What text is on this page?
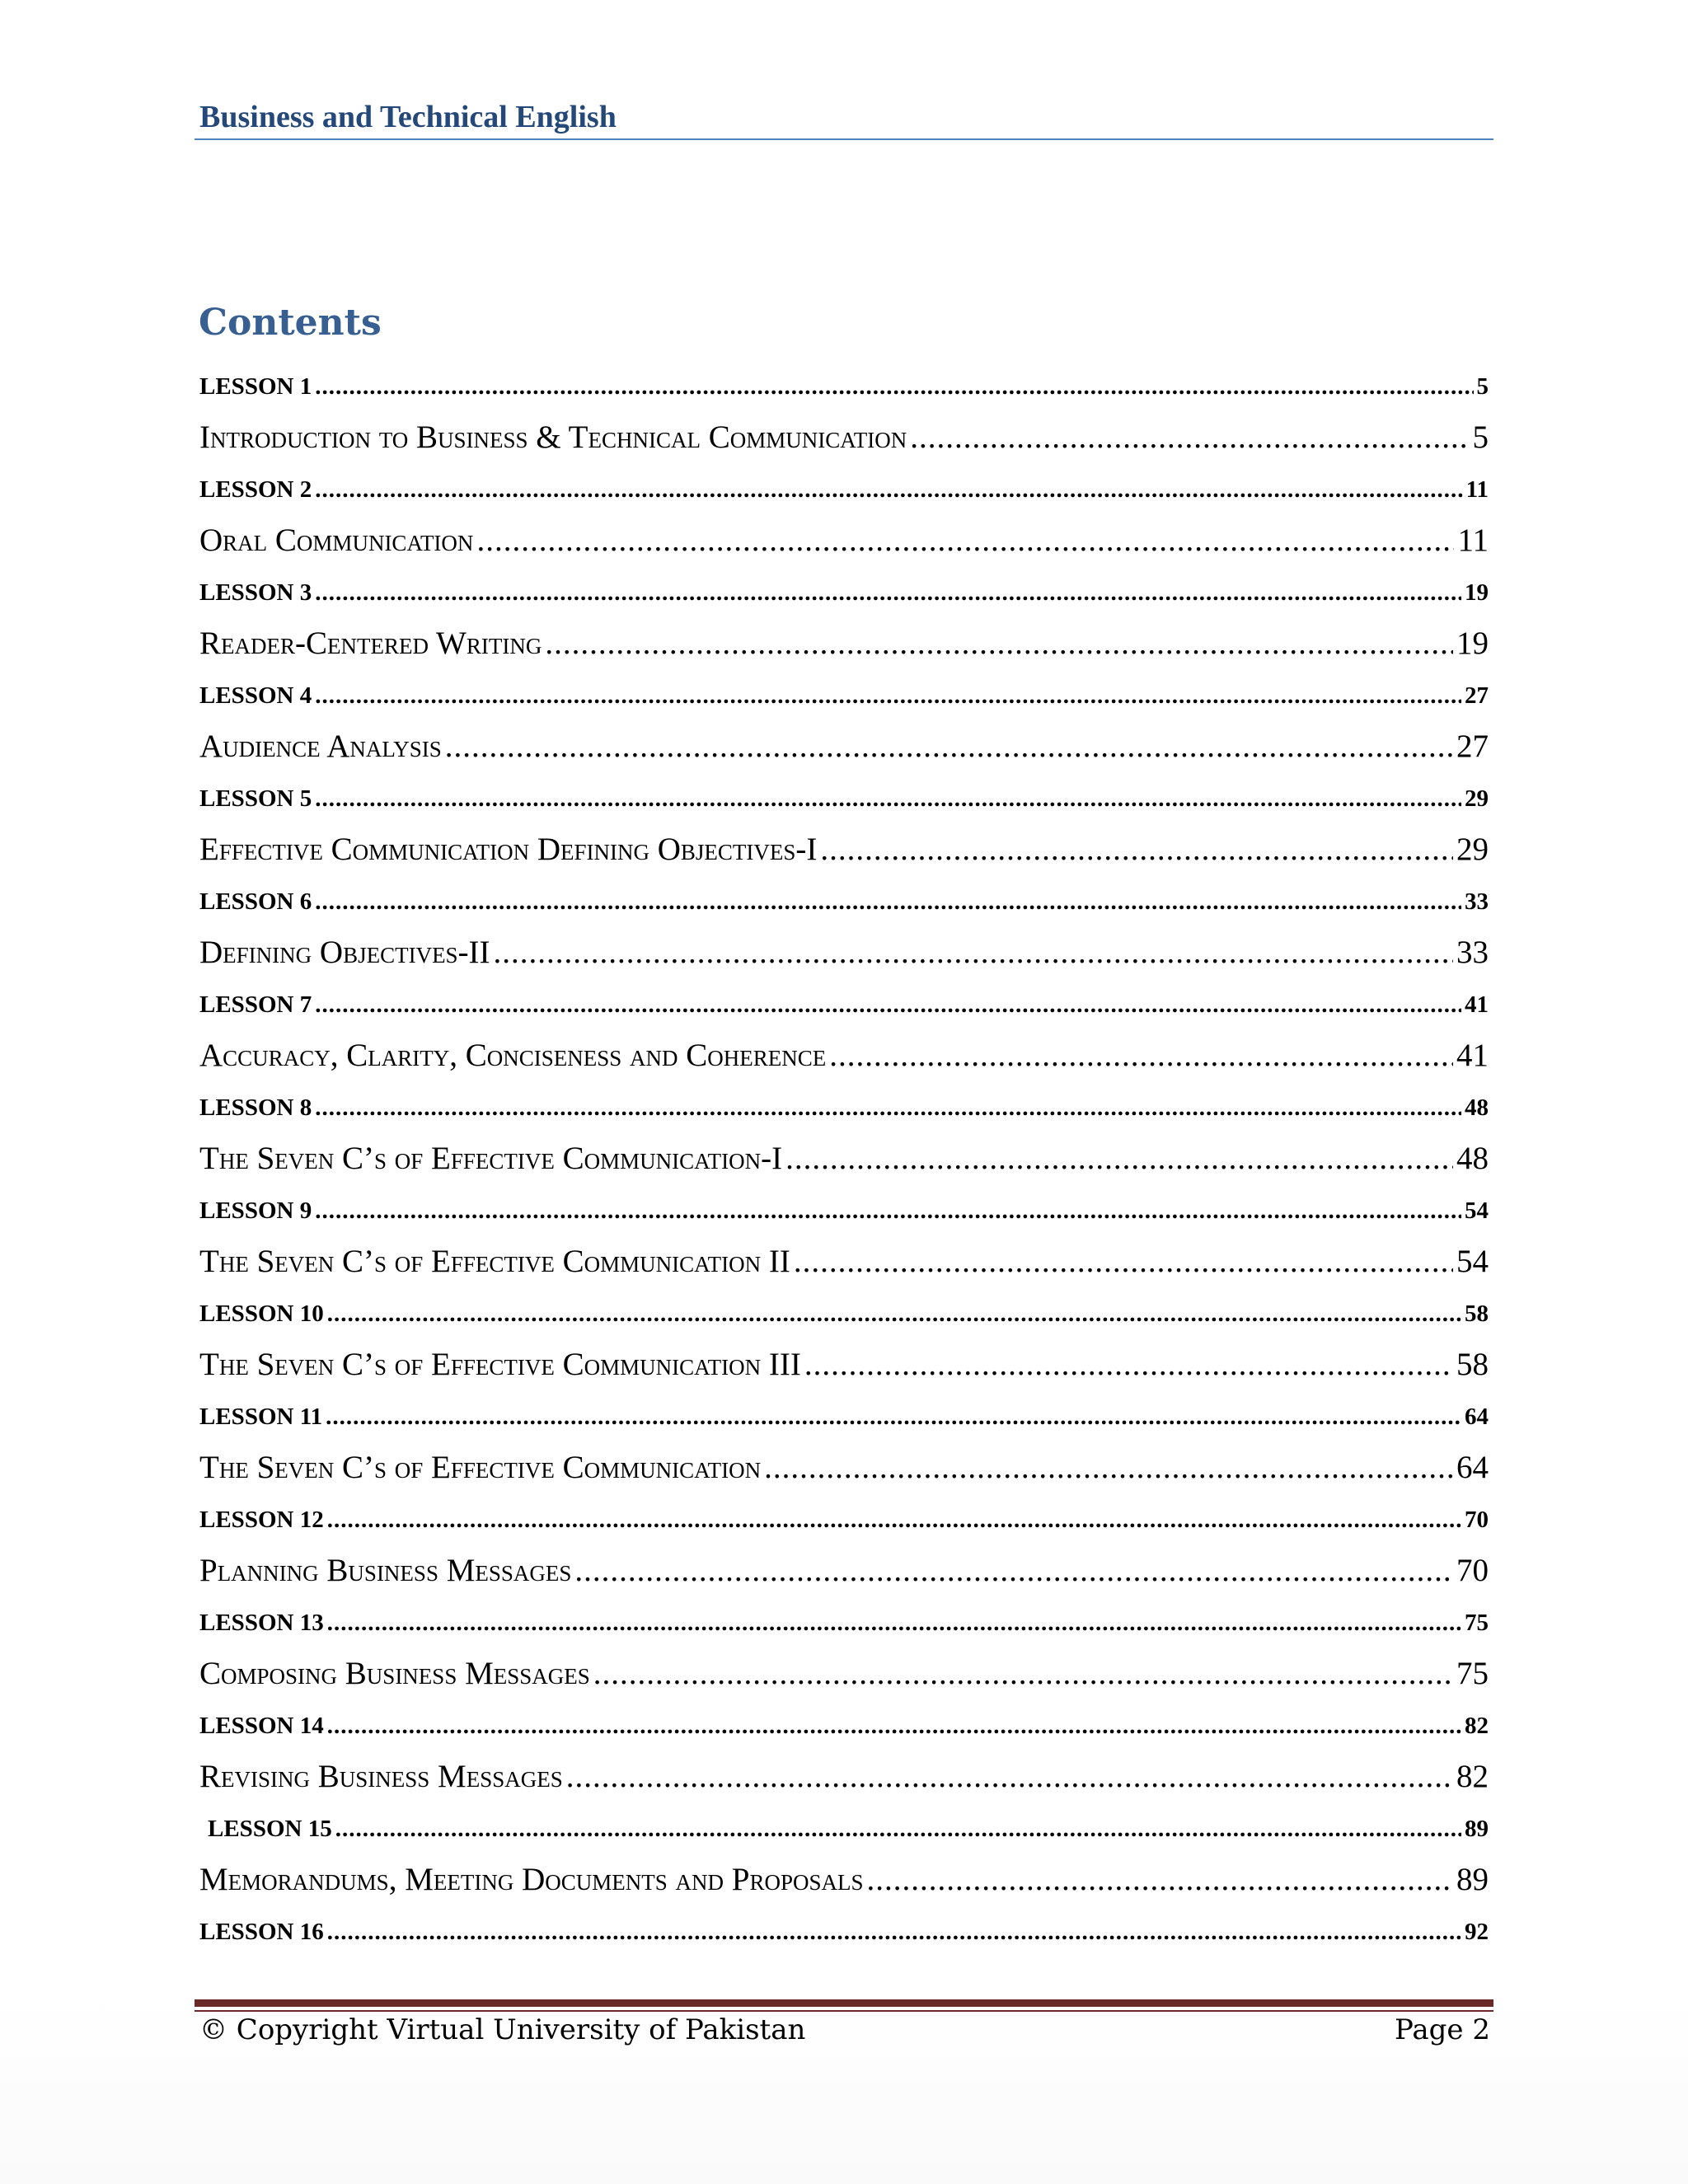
Business and Technical English
Contents
LESSON 1 .....	5
Introduction to Business & Technical Communication .....	5
LESSON 2 .....	11
Oral Communication .....	11
LESSON 3 .....	19
Reader-Centered Writing .....	19
LESSON 4 .....	27
Audience Analysis .....	27
LESSON 5 .....	29
Effective Communication Defining Objectives-I .....	29
LESSON 6 .....	33
Defining Objectives-II .....	33
LESSON 7 .....	41
Accuracy, Clarity, Conciseness and Coherence .....	41
LESSON 8 .....	48
The Seven C’s of Effective Communication-I .....	48
LESSON 9 .....	54
The Seven C’s of Effective Communication II .....	54
LESSON 10 .....	58
The Seven C’s of Effective Communication III .....	58
LESSON 11 .....	64
The Seven C’s of Effective Communication .....	64
LESSON 12 .....	70
Planning Business Messages .....	70
LESSON 13 .....	75
Composing Business Messages .....	75
LESSON 14 .....	82
Revising Business Messages .....	82
LESSON 15 .....	89
Memorandums, Meeting Documents and Proposals .....	89
LESSON 16 .....	92
© Copyright Virtual University of Pakistan	Page 2
